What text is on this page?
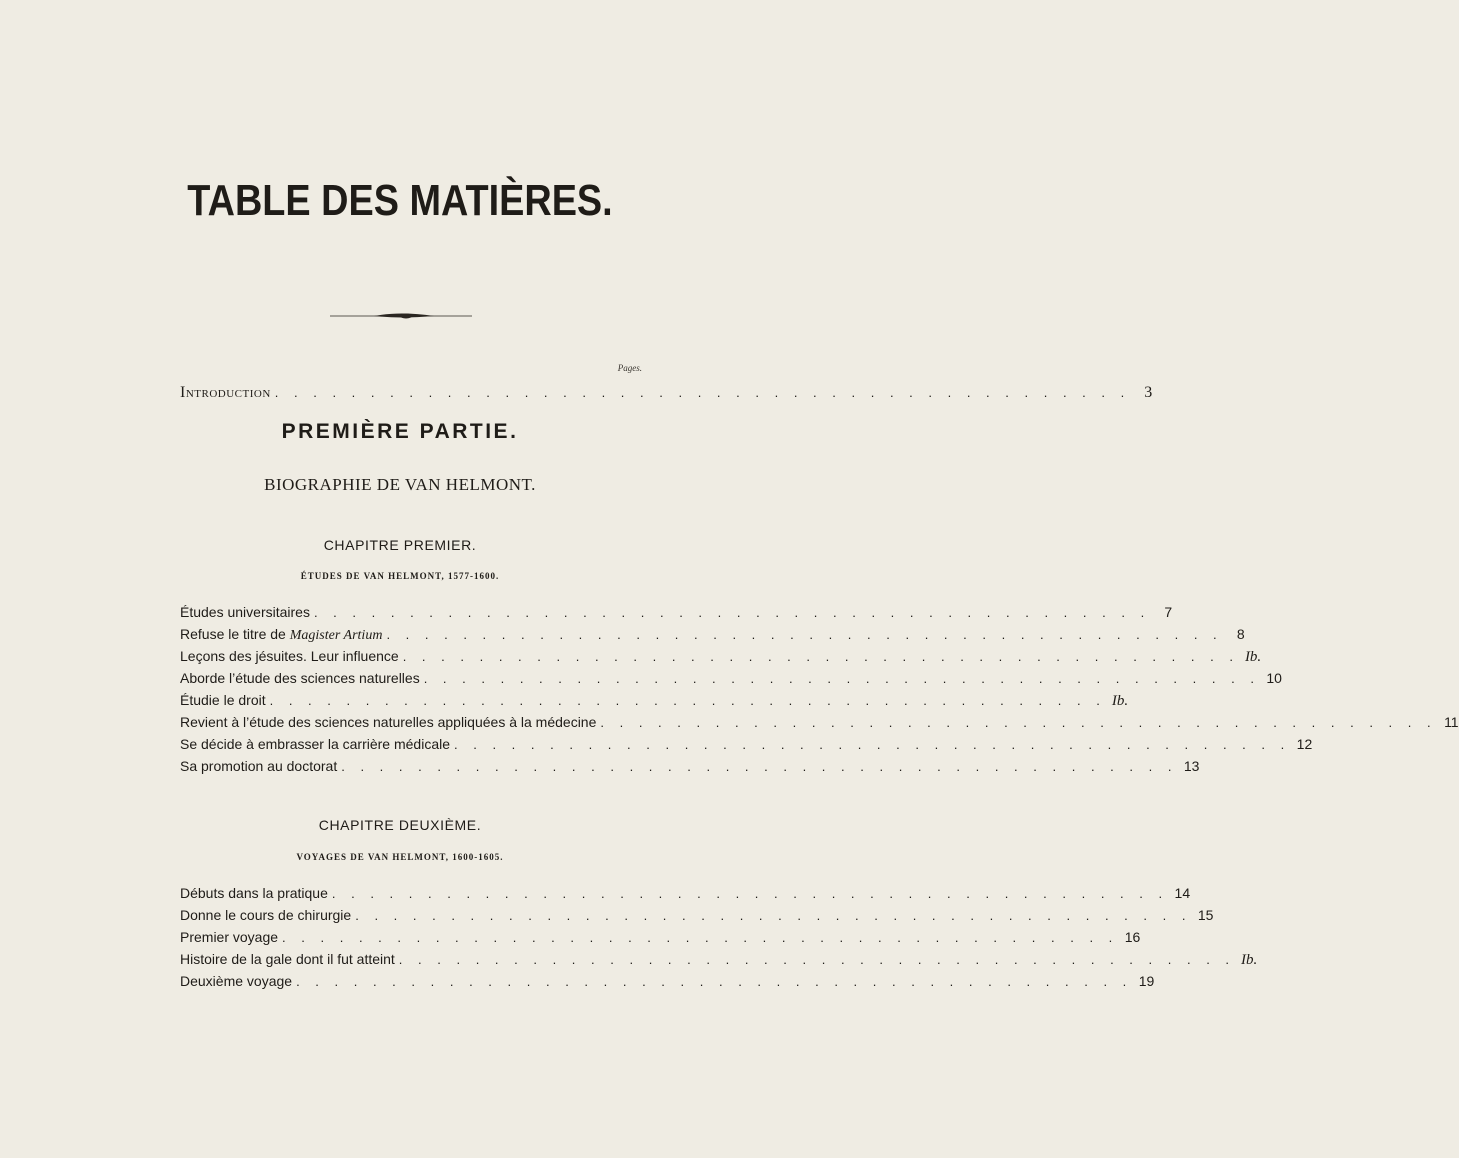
TABLE DES MATIÈRES.
Pages.
Introduction . . . . . . . . . . . . . . . . . . . . . . . . . . . . . . . . . . . . . . . . . . . . . 3
PREMIÈRE PARTIE.
BIOGRAPHIE DE VAN HELMONT.
CHAPITRE PREMIER.
ÉTUDES DE VAN HELMONT, 1577-1600.
Études universitaires . . . . . . . . . . . . . . . . . . . . . . . . . . . . . . . . . . . . . . . . . . . .	7
Refuse le titre de Magister Artium . . . . . . . . . . . . . . . . . . . . . . . . . . . . . . . . . . . . . . . . . . . .	8
Leçons des jésuites. Leur influence . . . . . . . . . . . . . . . . . . . . . . . . . . . . . . . . . . . . . . . . . . . . Ib.
Aborde l’étude des sciences naturelles . . . . . . . . . . . . . . . . . . . . . . . . . . . . . . . . . . . . . . . . . . . . 10
Étudie le droit . . . . . . . . . . . . . . . . . . . . . . . . . . . . . . . . . . . . . . . . . . . . Ib.
Revient à l’étude des sciences naturelles appliquées à la médecine . . . . . . . . . . . . . . . . . . . . . . . . . . . . . . . . . . . . . . . . . . . . 11
Se décide à embrasser la carrière médicale . . . . . . . . . . . . . . . . . . . . . . . . . . . . . . . . . . . . . . . . . . . . 12
Sa promotion au doctorat . . . . . . . . . . . . . . . . . . . . . . . . . . . . . . . . . . . . . . . . . . . . 13
CHAPITRE DEUXIÈME.
VOYAGES DE VAN HELMONT, 1600-1605.
Débuts dans la pratique . . . . . . . . . . . . . . . . . . . . . . . . . . . . . . . . . . . . . . . . . . . . 14
Donne le cours de chirurgie . . . . . . . . . . . . . . . . . . . . . . . . . . . . . . . . . . . . . . . . . . . . 15
Premier voyage . . . . . . . . . . . . . . . . . . . . . . . . . . . . . . . . . . . . . . . . . . . . 16
Histoire de la gale dont il fut atteint . . . . . . . . . . . . . . . . . . . . . . . . . . . . . . . . . . . . . . . . . . . . Ib.
Deuxième voyage . . . . . . . . . . . . . . . . . . . . . . . . . . . . . . . . . . . . . . . . . . . . 19
